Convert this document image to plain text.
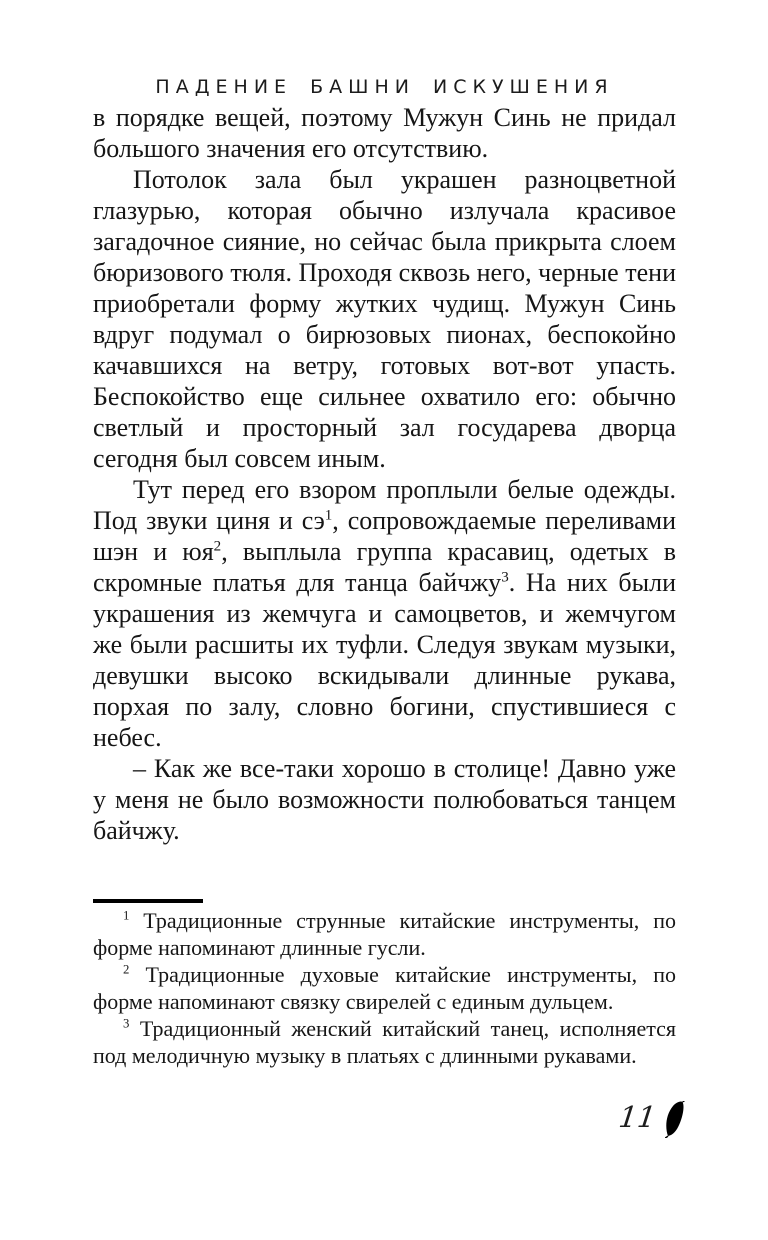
ПАДЕНИЕ БАШНИ ИСКУШЕНИЯ

в порядке вещей, поэтому Мужун Синь не придал большого значения его отсутствию.

Потолок зала был украшен разноцветной глазурью, которая обычно излучала красивое загадочное сияние, но сейчас была прикрыта слоем бюризового тюля. Проходя сквозь него, черные тени приобретали форму жутких чудищ. Мужун Синь вдруг подумал о бирюзовых пионах, беспокойно качавшихся на ветру, готовых вот-вот упасть. Беспокойство еще сильнее охватило его: обычно светлый и просторный зал государева дворца сегодня был совсем иным.

Тут перед его взором проплыли белые одежды. Под звуки циня и сэ$^1$, сопровождаемые переливами шэн и юя$^2$, выплыла группа красавиц, одетых в скромные платья для танца байчжу$^3$. На них были украшения из жемчуга и самоцветов, и жемчугом же были расшиты их туфли. Следуя звукам музыки, девушки высоко вскидывали длинные рукава, порхая по залу, словно богини, спустившиеся с небес.

– Как же все-таки хорошо в столице! Давно уже у меня не было возможности полюбоваться танцем байчжу.

$^1$ Традиционные струнные китайские инструменты, по форме напоминают длинные гусли.

$^2$ Традиционные духовые китайские инструменты, по форме напоминают связку свирелей с единым дульцем.

$^3$ Традиционный женский китайский танец, исполняется под мелодичную музыку в платьях с длинными рукавами.

11
